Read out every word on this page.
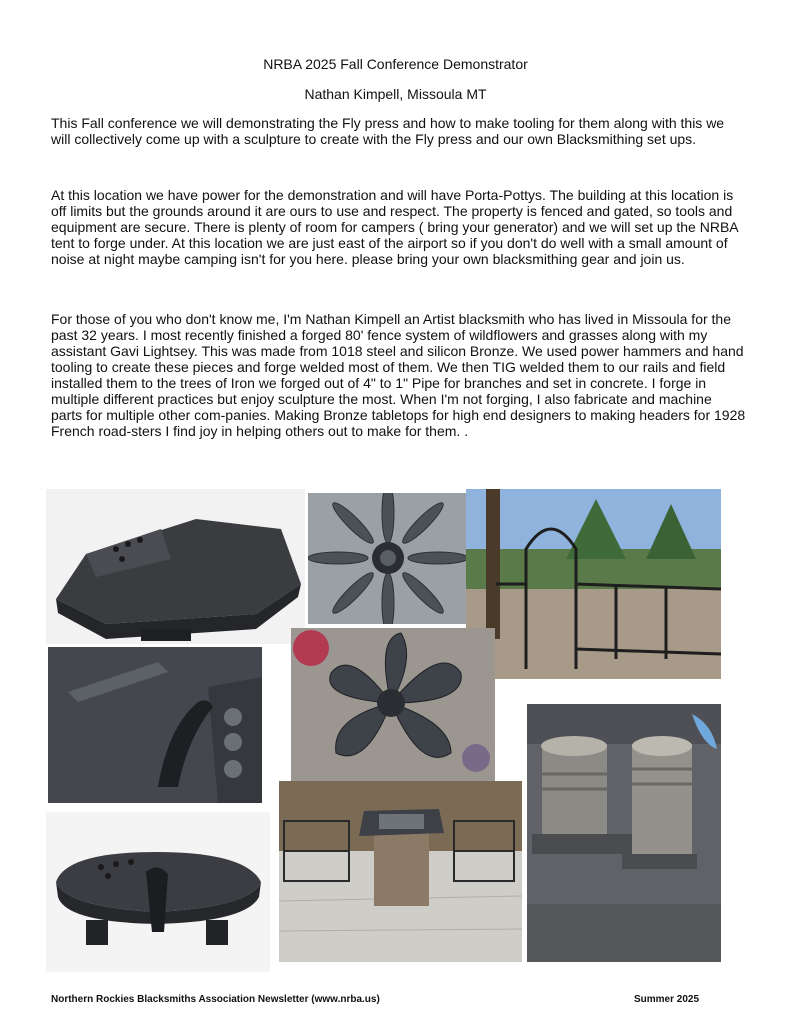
NRBA 2025 Fall Conference Demonstrator
Nathan Kimpell, Missoula MT

This Fall conference we will demonstrating the Fly press and how to make tooling for them along with this we will collectively come up with a sculpture to create with the Fly press and our own Blacksmithing set ups.

At this location we have power for the demonstration and will have Porta-Pottys. The building at this location is off limits but the grounds around it are ours to use and respect. The property is fenced and gated, so tools and equipment are secure. There is plenty of room for campers ( bring your generator) and we will set up the NRBA tent to forge under. At this location we are just east of the airport so if you don't do well with a small amount of noise at night maybe camping isn't for you here. please bring your own blacksmithing gear and join us.

For those of you who don't know me, I'm Nathan Kimpell an Artist blacksmith who has lived in Missoula for the past 32 years. I most recently finished a forged 80' fence system of wildflowers and grasses along with my assistant Gavi Lightsey. This was made from 1018 steel and silicon Bronze. We used power hammers and hand tooling to create these pieces and forge welded most of them. We then TIG welded them to our rails and field installed them to the trees of Iron we forged out of 4" to 1" Pipe for branches and set in concrete. I forge in multiple different practices but enjoy sculpture the most. When I'm not forging, I also fabricate and machine parts for multiple other com-panies. Making Bronze tabletops for high end designers to making headers for 1928 French road-sters I find joy in helping others out to make for them. .

Northern Rockies Blacksmiths Association Newsletter (www.nrba.us)	Summer 2025
